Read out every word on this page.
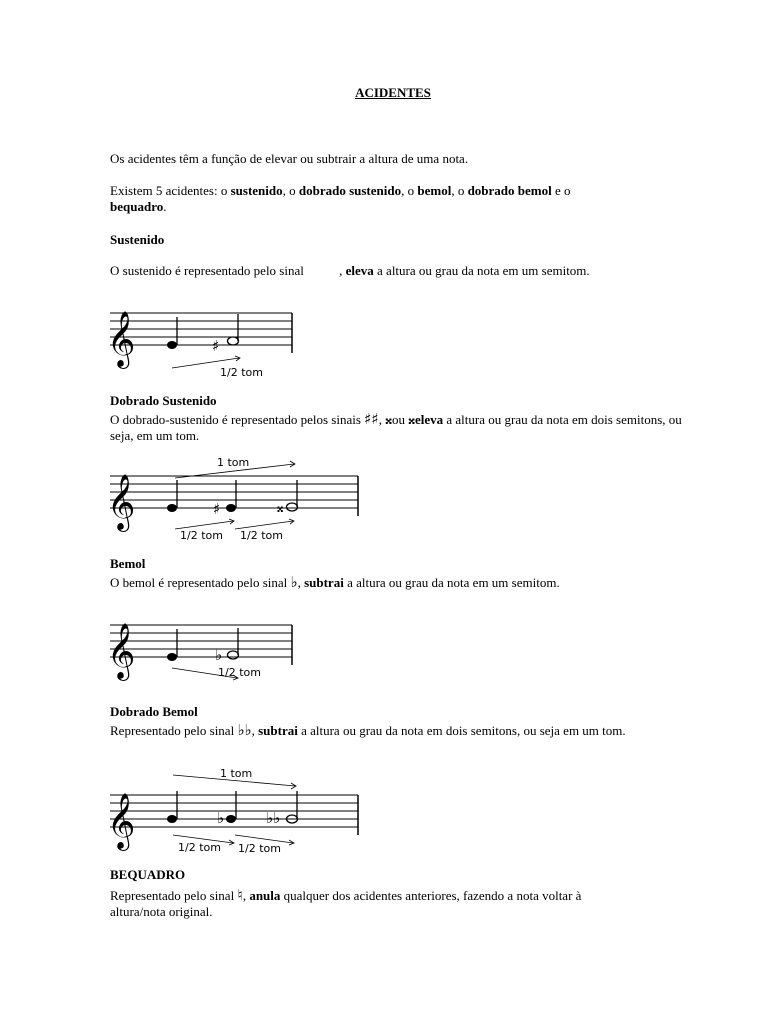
ACIDENTES
Os acidentes têm a função de elevar ou subtrair a altura de uma nota.
Existem 5 acidentes: o sustenido, o dobrado sustenido, o bemol, o dobrado bemol e o
bequadro.
Sustenido
O sustenido é representado pelo sinal , eleva a altura ou grau da nota em um semitom.
𝄞	♯
1/2 tom
Dobrado Sustenido
O dobrado-sustenido é representado pelos sinais ♯♯, 𝄪ou 𝄪eleva a altura ou grau da nota em dois semitons, ou seja, em um tom.
1 tom
𝄞	♯	𝄪
1/2 tom 1/2 tom
Bemol
O bemol é representado pelo sinal ♭, subtrai a altura ou grau da nota em um semitom.
𝄞	♭
1/2 tom
Dobrado Bemol
Representado pelo sinal ♭♭, subtrai a altura ou grau da nota em dois semitons, ou seja em um tom.
1 tom
𝄞	♭	♭♭
1/2 tom 1/2 tom
BEQUADRO
Representado pelo sinal ♮, anula qualquer dos acidentes anteriores, fazendo a nota voltar à altura/nota original.
